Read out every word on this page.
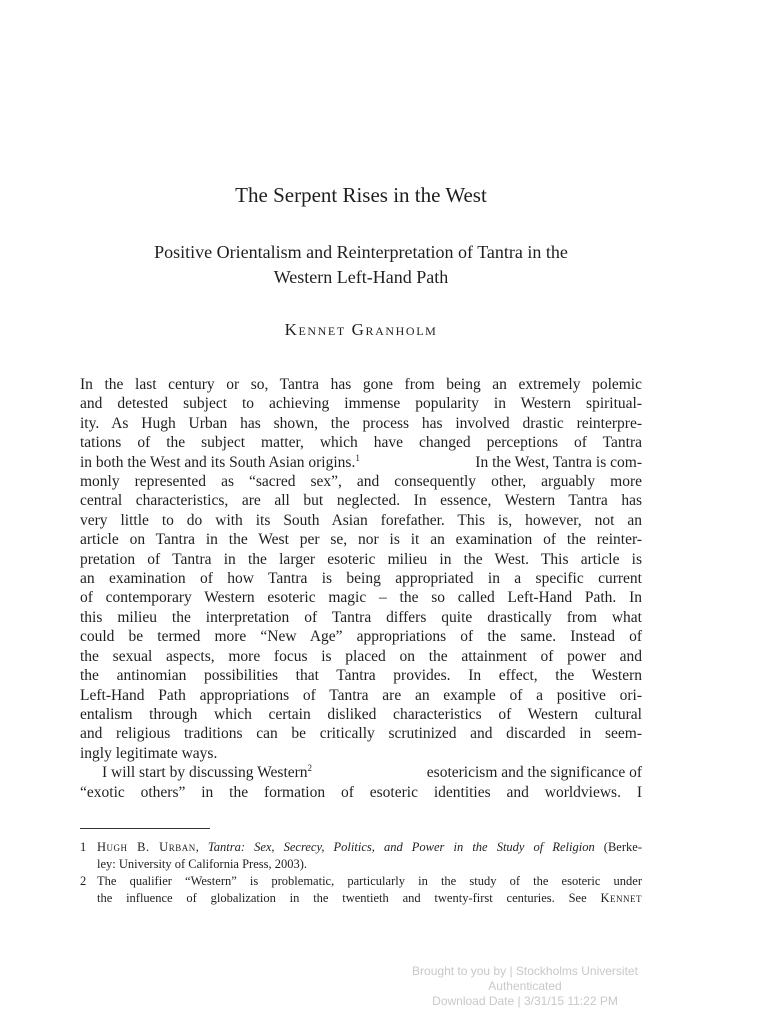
The Serpent Rises in the West
Positive Orientalism and Reinterpretation of Tantra in the
Western Left-Hand Path
Kennet Granholm
In the last century or so, Tantra has gone from being an extremely polemic
and detested subject to achieving immense popularity in Western spiritual-
ity. As Hugh Urban has shown, the process has involved drastic reinterpre-
tations of the subject matter, which have changed perceptions of Tantra
in both the West and its South Asian origins.$^1$	In the West, Tantra is com-
monly represented as “sacred sex”, and consequently other, arguably more
central characteristics, are all but neglected. In essence, Western Tantra has
very little to do with its South Asian forefather. This is, however, not an
article on Tantra in the West per se, nor is it an examination of the reinter-
pretation of Tantra in the larger esoteric milieu in the West. This article is
an examination of how Tantra is being appropriated in a specific current
of contemporary Western esoteric magic – the so called Left-Hand Path. In
this milieu the interpretation of Tantra differs quite drastically from what
could be termed more “New Age” appropriations of the same. Instead of
the sexual aspects, more focus is placed on the attainment of power and
the antinomian possibilities that Tantra provides. In effect, the Western
Left-Hand Path appropriations of Tantra are an example of a positive ori-
entalism through which certain disliked characteristics of Western cultural
and religious traditions can be critically scrutinized and discarded in seem-
ingly legitimate ways.
I will start by discussing Western$^2$	esotericism and the significance of
“exotic others” in the formation of esoteric identities and worldviews. I
1 Hugh B. Urban, Tantra: Sex, Secrecy, Politics, and Power in the Study of Religion (Berke-
ley: University of California Press, 2003).
2 The qualifier “Western” is problematic, particularly in the study of the esoteric under
the influence of globalization in the twentieth and twenty-first centuries. See Kennet
Brought to you by | Stockholms Universitet
Authenticated
Download Date | 3/31/15 11:22 PM
